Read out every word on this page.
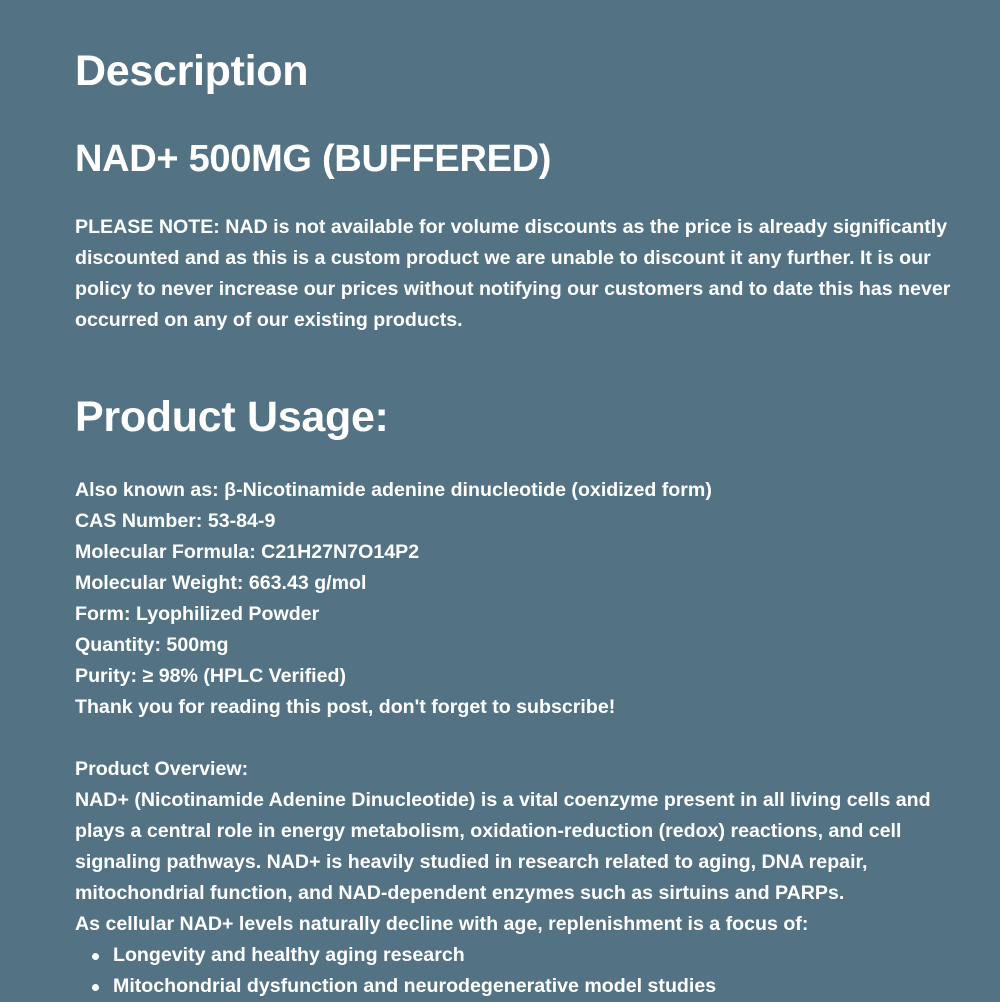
Description
NAD+ 500MG (BUFFERED)
PLEASE NOTE: NAD is not available for volume discounts as the price is already significantly discounted and as this is a custom product we are unable to discount it any further. It is our policy to never increase our prices without notifying our customers and to date this has never occurred on any of our existing products.
Product Usage:
Also known as: β-Nicotinamide adenine dinucleotide (oxidized form)
CAS Number: 53-84-9
Molecular Formula: C21H27N7O14P2
Molecular Weight: 663.43 g/mol
Form: Lyophilized Powder
Quantity: 500mg
Purity: ≥ 98% (HPLC Verified)
Thank you for reading this post, don't forget to subscribe!
Product Overview:

NAD+ (Nicotinamide Adenine Dinucleotide) is a vital coenzyme present in all living cells and plays a central role in energy metabolism, oxidation-reduction (redox) reactions, and cell signaling pathways. NAD+ is heavily studied in research related to aging, DNA repair, mitochondrial function, and NAD-dependent enzymes such as sirtuins and PARPs.

As cellular NAD+ levels naturally decline with age, replenishment is a focus of:
Longevity and healthy aging research
Mitochondrial dysfunction and neurodegenerative model studies
